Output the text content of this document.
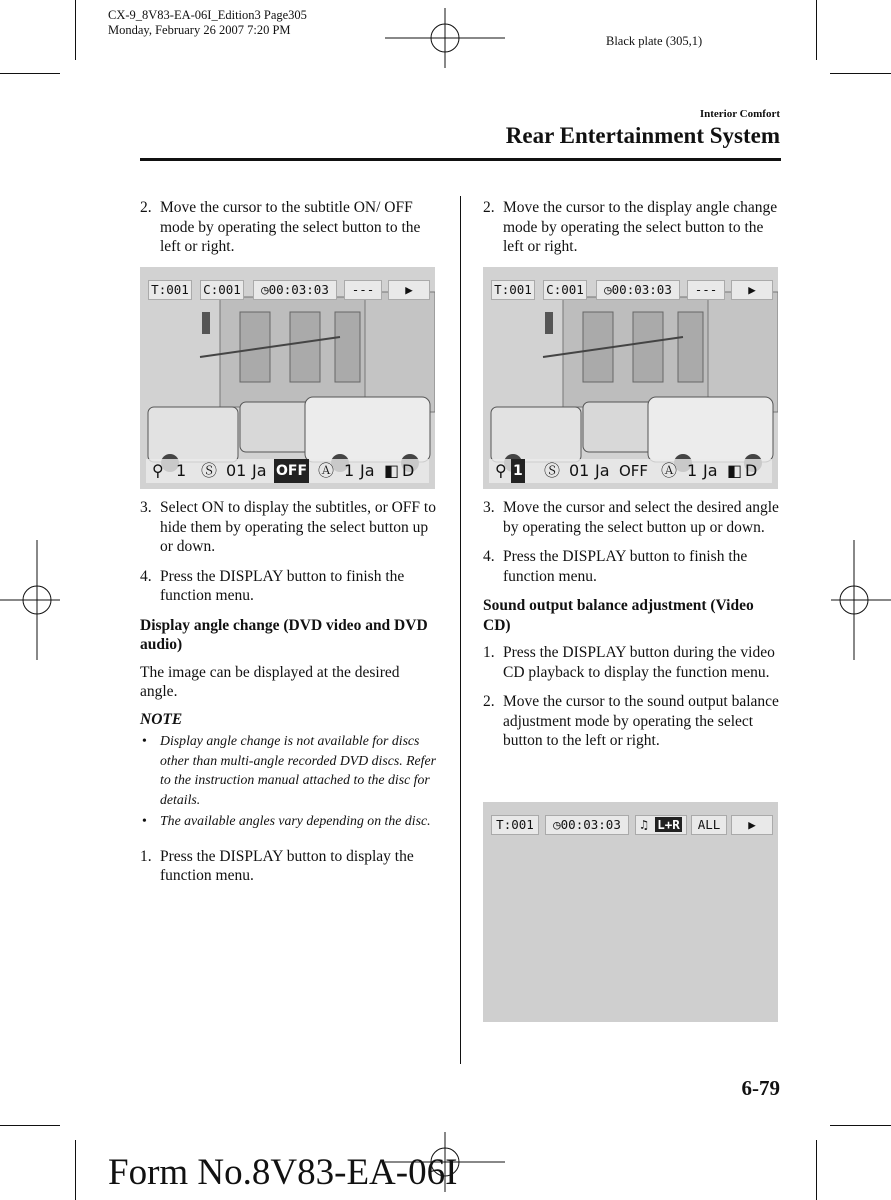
CX-9_8V83-EA-06I_Edition3 Page305
Monday, February 26 2007 7:20 PM
Black plate (305,1)
Interior Comfort
Rear Entertainment System
2. Move the cursor to the subtitle ON/ OFF mode by operating the select button to the left or right.
T:001 C:001	◷00:03:03	---	▶
⚲ 1 Ⓢ 01 Ja OFF Ⓐ 1 Ja ◧ D
3. Select ON to display the subtitles, or OFF to hide them by operating the select button up or down.
4. Press the DISPLAY button to finish the function menu.
Display angle change (DVD video and DVD audio)
The image can be displayed at the desired angle.
NOTE
• Display angle change is not available for discs other than multi-angle recorded DVD discs. Refer to the instruction manual attached to the disc for details.
• The available angles vary depending on the disc.
1. Press the DISPLAY button to display the function menu.
2. Move the cursor to the display angle change mode by operating the select button to the left or right.
T:001 C:001	◷00:03:03	---	▶
⚲ 1 Ⓢ 01 Ja OFF Ⓐ 1 Ja ◧ D
3. Move the cursor and select the desired angle by operating the select button up or down.
4. Press the DISPLAY button to finish the function menu.
Sound output balance adjustment (Video CD)
1. Press the DISPLAY button during the video CD playback to display the function menu.
2. Move the cursor to the sound output balance adjustment mode by operating the select button to the left or right.
T:001	◷00:03:03	♫ L+R	ALL	▶
6-79
Form No.8V83-EA-06I
